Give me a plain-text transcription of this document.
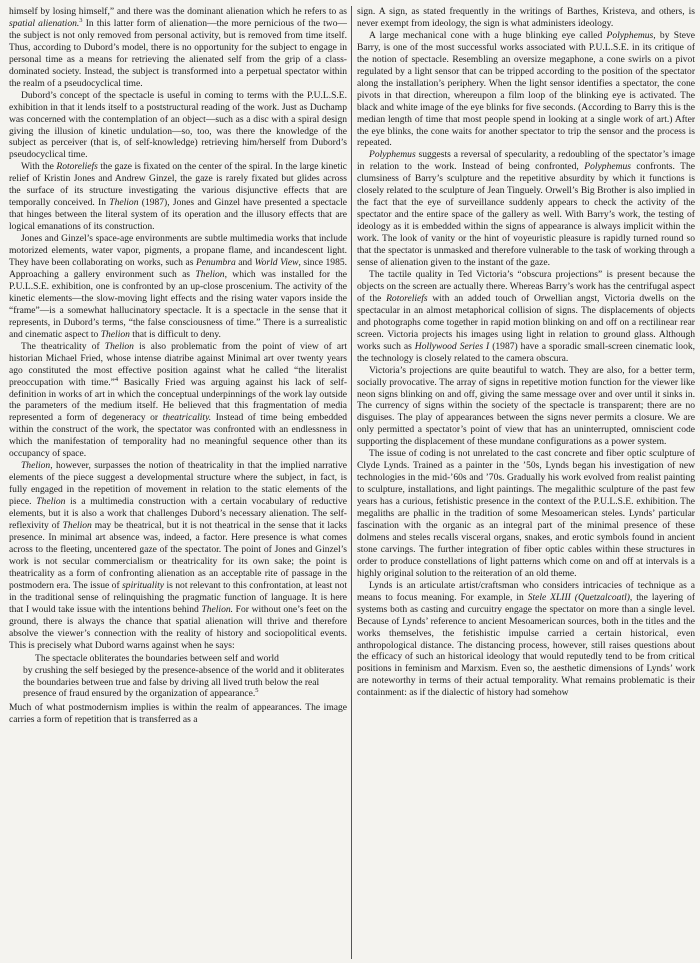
himself by losing himself,” and there was the dominant alienation which he refers to as spatial alienation.$^3$ In this latter form of alienation—the more pernicious of the two—the subject is not only removed from personal activity, but is removed from time itself. Thus, according to Dubord’s model, there is no opportunity for the subject to engage in personal time as a means for retrieving the alienated self from the grip of a class-dominated society. Instead, the subject is transformed into a perpetual spectator within the realm of a pseudocyclical time.

Dubord’s concept of the spectacle is useful in coming to terms with the P.U.L.S.E. exhibition in that it lends itself to a poststructural reading of the work. Just as Duchamp was concerned with the contemplation of an object—such as a disc with a spiral design giving the illusion of kinetic undulation—so, too, was there the knowledge of the subject as perceiver (that is, of self-knowledge) retrieving him/herself from Dubord’s pseudocyclical time.

With the Rotoreliefs the gaze is fixated on the center of the spiral. In the large kinetic relief of Kristin Jones and Andrew Ginzel, the gaze is rarely fixated but glides across the surface of its structure investigating the various disjunctive effects that are temporally conceived. In Thelion (1987), Jones and Ginzel have presented a spectacle that hinges between the literal system of its operation and the illusory effects that are logical emanations of its construction.

Jones and Ginzel’s space-age environments are subtle multimedia works that include motorized elements, water vapor, pigments, a propane flame, and incandescent light. They have been collaborating on works, such as Penumbra and World View, since 1985. Approaching a gallery environment such as Thelion, which was installed for the P.U.L.S.E. exhibition, one is confronted by an up-close proscenium. The activity of the kinetic elements—the slow-moving light effects and the rising water vapors inside the “frame”—is a somewhat hallucinatory spectacle. It is a spectacle in the sense that it represents, in Dubord’s terms, “the false consciousness of time.” There is a surrealistic and cinematic aspect to Thelion that is difficult to deny.

The theatricality of Thelion is also problematic from the point of view of art historian Michael Fried, whose intense diatribe against Minimal art over twenty years ago constituted the most effective position against what he called “the literalist preoccupation with time.”$^4$ Basically Fried was arguing against his lack of self-definition in works of art in which the conceptual underpinnings of the work lay outside the parameters of the medium itself. He believed that this fragmentation of media represented a form of degeneracy or theatricality. Instead of time being embedded within the construct of the work, the spectator was confronted with an endlessness in which the manifestation of temporality had no meaningful sequence other than its occupancy of space.

Thelion, however, surpasses the notion of theatricality in that the implied narrative elements of the piece suggest a developmental structure where the subject, in fact, is fully engaged in the repetition of movement in relation to the static elements of the piece. Thelion is a multimedia construction with a certain vocabulary of reductive elements, but it is also a work that challenges Dubord’s necessary alienation. The self-reflexivity of Thelion may be theatrical, but it is not theatrical in the sense that it lacks presence. In minimal art absence was, indeed, a factor. Here presence is what comes across to the fleeting, uncentered gaze of the spectator. The point of Jones and Ginzel’s work is not secular commercialism or theatricality for its own sake; the point is theatricality as a form of confronting alienation as an acceptable rite of passage in the postmodern era. The issue of spirituality is not relevant to this confrontation, at least not in the traditional sense of relinquishing the pragmatic function of language. It is here that I would take issue with the intentions behind Thelion. For without one’s feet on the ground, there is always the chance that spatial alienation will thrive and therefore absolve the viewer’s connection with the reality of history and sociopolitical events. This is precisely what Dubord warns against when he says:

The spectacle obliterates the boundaries between self and world

by crushing the self besieged by the presence-absence of the world and it obliterates the boundaries between true and false by driving all lived truth below the real presence of fraud ensured by the organization of appearance.$^5$

Much of what postmodernism implies is within the realm of appearances. The image carries a form of repetition that is transferred as a

sign. A sign, as stated frequently in the writings of Barthes, Kristeva, and others, is never exempt from ideology, the sign is what administers ideology.

A large mechanical cone with a huge blinking eye called Polyphemus, by Steve Barry, is one of the most successful works associated with P.U.L.S.E. in its critique of the notion of spectacle. Resembling an oversize megaphone, a cone swirls on a pivot regulated by a light sensor that can be tripped according to the position of the spectator along the installation’s periphery. When the light sensor identifies a spectator, the cone pivots in that direction, whereupon a film loop of the blinking eye is activated. The black and white image of the eye blinks for five seconds. (According to Barry this is the median length of time that most people spend in looking at a single work of art.) After the eye blinks, the cone waits for another spectator to trip the sensor and the process is repeated.

Polyphemus suggests a reversal of specularity, a redoubling of the spectator’s image in relation to the work. Instead of being confronted, Polyphemus confronts. The clumsiness of Barry’s sculpture and the repetitive absurdity by which it functions is closely related to the sculpture of Jean Tinguely. Orwell’s Big Brother is also implied in the fact that the eye of surveillance suddenly appears to check the activity of the spectator and the entire space of the gallery as well. With Barry’s work, the testing of ideology as it is embedded within the signs of appearance is always implicit within the work. The look of vanity or the hint of voyeuristic pleasure is rapidly turned round so that the spectator is unmasked and therefore vulnerable to the task of working through a sense of alienation given to the instant of the gaze.

The tactile quality in Ted Victoria’s “obscura projections” is present because the objects on the screen are actually there. Whereas Barry’s work has the centrifugal aspect of the Rotoreliefs with an added touch of Orwellian angst, Victoria dwells on the spectacular in an almost metaphorical collision of signs. The displacements of objects and photographs come together in rapid motion blinking on and off on a rectilinear rear screen. Victoria projects his images using light in relation to ground glass. Although works such as Hollywood Series I (1987) have a sporadic small-screen cinematic look, the technology is closely related to the camera obscura.

Victoria’s projections are quite beautiful to watch. They are also, for a better term, socially provocative. The array of signs in repetitive motion function for the viewer like neon signs blinking on and off, giving the same message over and over until it sinks in. The currency of signs within the society of the spectacle is transparent; there are no disguises. The play of appearances between the signs never permits a closure. We are only permitted a spectator’s point of view that has an uninterrupted, omniscient code supporting the displacement of these mundane configurations as a power system.

The issue of coding is not unrelated to the cast concrete and fiber optic sculpture of Clyde Lynds. Trained as a painter in the ’50s, Lynds began his investigation of new technologies in the mid-’60s and ’70s. Gradually his work evolved from realist painting to sculpture, installations, and light paintings. The megalithic sculpture of the past few years has a curious, fetishistic presence in the context of the P.U.L.S.E. exhibition. The megaliths are phallic in the tradition of some Mesoamerican steles. Lynds’ particular fascination with the organic as an integral part of the minimal presence of these dolmens and steles recalls visceral organs, snakes, and erotic symbols found in ancient stone carvings. The further integration of fiber optic cables within these structures in order to produce constellations of light patterns which come on and off at intervals is a highly original solution to the reiteration of an old theme.

Lynds is an articulate artist/craftsman who considers intricacies of technique as a means to focus meaning. For example, in Stele XLIII (Quetzalcoatl), the layering of systems both as casting and curcuitry engage the spectator on more than a single level. Because of Lynds’ reference to ancient Mesoamerican sources, both in the titles and the works themselves, the fetishistic impulse carried a certain historical, even anthropological distance. The distancing process, however, still raises questions about the efficacy of such an historical ideology that would reputedly tend to be from critical positions in feminism and Marxism. Even so, the aesthetic dimensions of Lynds’ work are noteworthy in terms of their actual temporality. What remains problematic is their containment: as if the dialectic of history had somehow
